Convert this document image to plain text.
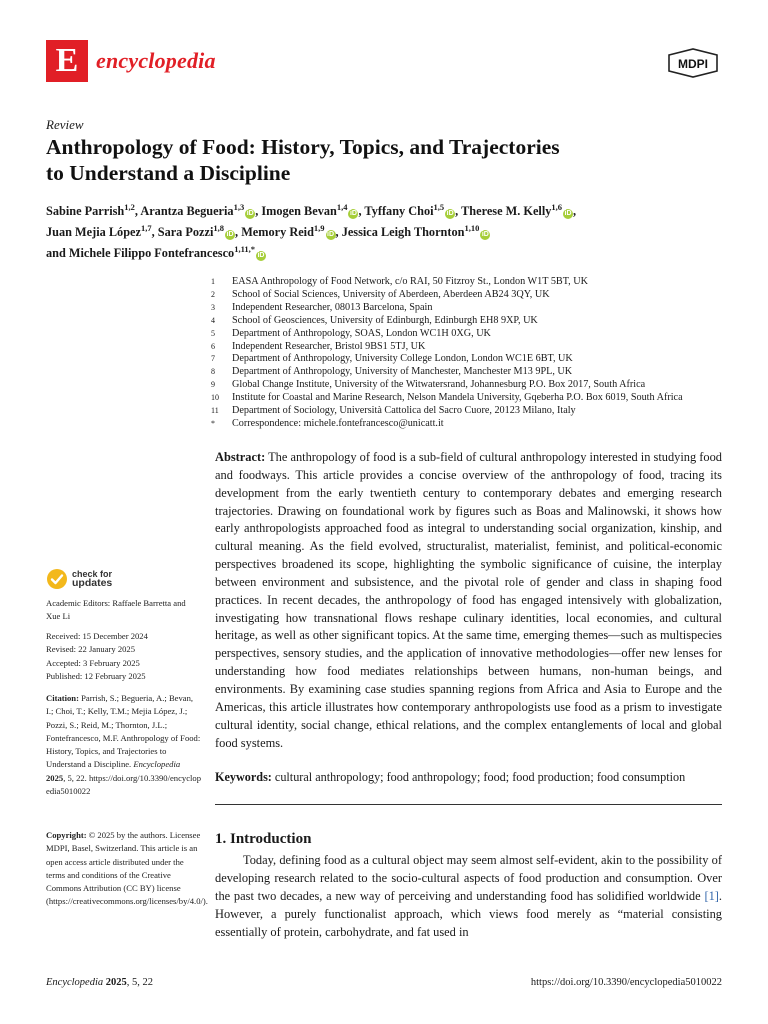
E encyclopedia	MDPI
Review
Anthropology of Food: History, Topics, and Trajectories
to Understand a Discipline
Sabine Parrish$^{1,2}$, Arantza Begueria$^{1,3}$iD , Imogen Bevan$^{1,4}$iD , Tyffany Choi$^{1,5}$iD , Therese M. Kelly$^{1,6}$iD ,
Juan Mejia López$^{1,7}$, Sara Pozzi$^{1,8}$iD , Memory Reid$^{1,9}$iD , Jessica Leigh Thornton$^{1,10}$iD
and Michele Filippo Fontefrancesco$^{1,11,*}$iD
1	EASA Anthropology of Food Network, c/o RAI, 50 Fitzroy St., London W1T 5BT, UK
2	School of Social Sciences, University of Aberdeen, Aberdeen AB24 3QY, UK
3	Independent Researcher, 08013 Barcelona, Spain
4	School of Geosciences, University of Edinburgh, Edinburgh EH8 9XP, UK
5	Department of Anthropology, SOAS, London WC1H 0XG, UK
6	Independent Researcher, Bristol 9BS1 5TJ, UK
7	Department of Anthropology, University College London, London WC1E 6BT, UK
8	Department of Anthropology, University of Manchester, Manchester M13 9PL, UK
9	Global Change Institute, University of the Witwatersrand, Johannesburg P.O. Box 2017, South Africa
10	Institute for Coastal and Marine Research, Nelson Mandela University, Gqeberha P.O. Box 6019, South Africa
11	Department of Sociology, Università Cattolica del Sacro Cuore, 20123 Milano, Italy
*	Correspondence: michele.fontefrancesco@unicatt.it
Abstract: The anthropology of food is a sub-field of cultural anthropology interested in studying food and foodways. This article provides a concise overview of the anthropology of food, tracing its development from the early twentieth century to contemporary debates and emerging research trajectories. Drawing on foundational work by figures such as Boas and Malinowski, it shows how early anthropologists approached food as integral to understanding social organization, kinship, and cultural meaning. As the field evolved, structuralist, materialist, feminist, and political-economic perspectives broadened its scope, highlighting the symbolic significance of cuisine, the interplay between environment and subsistence, and the pivotal role of gender and class in shaping food practices. In recent decades, the anthropology of food has engaged intensively with globalization, investigating how transnational flows reshape culinary identities, local economies, and cultural heritage, as well as other significant topics. At the same time, emerging themes—such as multispecies perspectives, sensory studies, and the application of innovative methodologies—offer new lenses for understanding how food mediates relationships between humans, non-human beings, and environments. By examining case studies spanning regions from Africa and Asia to Europe and the Americas, this article illustrates how contemporary anthropologists use food as a prism to investigate cultural identity, social change, ethical relations, and the complex entanglements of local and global food systems.
Keywords: cultural anthropology; food anthropology; food; food production; food consumption
1. Introduction
Today, defining food as a cultural object may seem almost self-evident, akin to the possibility of developing research related to the socio-cultural aspects of food production and consumption. Over the past two decades, a new way of perceiving and understanding food has solidified worldwide [1]. However, a purely functionalist approach, which views food merely as “material consisting essentially of protein, carbohydrate, and fat used in
check for
updates
Academic Editors: Raffaele Barretta and Xue Li
Received: 15 December 2024
Revised: 22 January 2025
Accepted: 3 February 2025
Published: 12 February 2025
Citation: Parrish, S.; Begueria, A.; Bevan, I.; Choi, T.; Kelly, T.M.; Mejia López, J.; Pozzi, S.; Reid, M.; Thornton, J.L.; Fontefrancesco, M.F. Anthropology of Food: History, Topics, and Trajectories to Understand a Discipline. Encyclopedia 2025, 5, 22. https://doi.org/10.3390/encyclopedia5010022
Copyright: © 2025 by the authors. Licensee MDPI, Basel, Switzerland. This article is an open access article distributed under the terms and conditions of the Creative Commons Attribution (CC BY) license (https://creativecommons.org/licenses/by/4.0/).
Encyclopedia 2025, 5, 22	https://doi.org/10.3390/encyclopedia5010022
